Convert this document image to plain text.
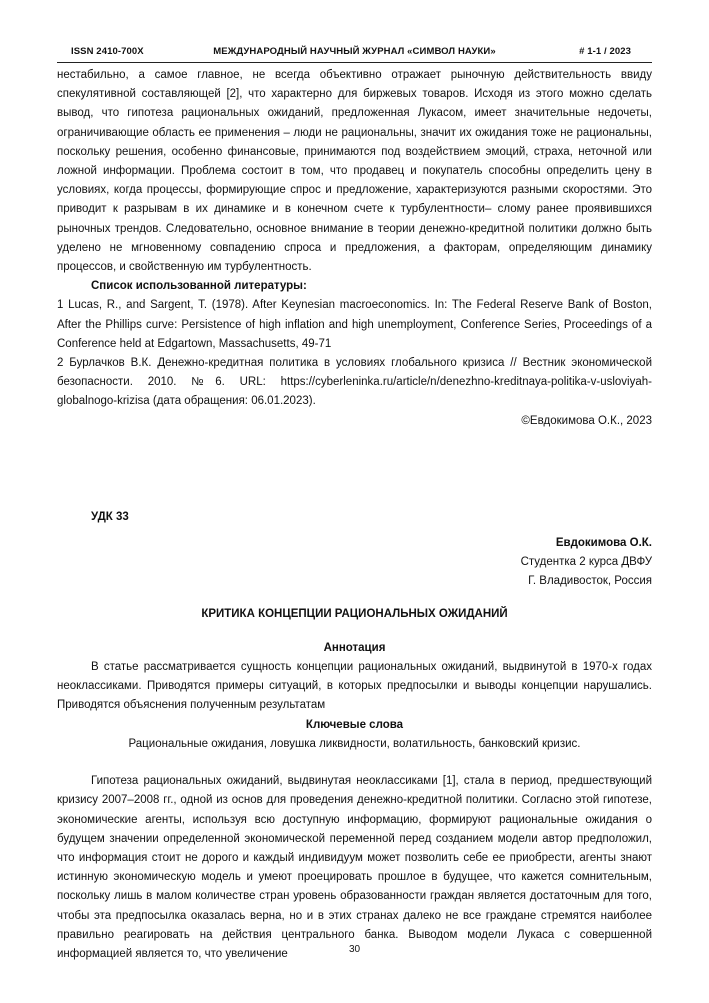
МЕЖДУНАРОДНЫЙ НАУЧНЫЙ ЖУРНАЛ «СИМВОЛ НАУКИ»
ISSN 2410-700X	# 1-1 / 2023

нестабильно, а самое главное, не всегда объективно отражает рыночную действительность ввиду спекулятивной составляющей [2], что характерно для биржевых товаров. Исходя из этого можно сделать вывод, что гипотеза рациональных ожиданий, предложенная Лукасом, имеет значительные недочеты, ограничивающие область ее применения – люди не рациональны, значит их ожидания тоже не рациональны, поскольку решения, особенно финансовые, принимаются под воздействием эмоций, страха, неточной или ложной информации. Проблема состоит в том, что продавец и покупатель способны определить цену в условиях, когда процессы, формирующие спрос и предложение, характеризуются разными скоростями. Это приводит к разрывам в их динамике и в конечном счете к турбулентности– слому ранее проявившихся рыночных трендов. Следовательно, основное внимание в теории денежно-кредитной политики должно быть уделено не мгновенному совпадению спроса и предложения, а факторам, определяющим динамику процессов, и свойственную им турбулентность.

Список использованной литературы:

1 Lucas, R., and Sargent, T. (1978). After Keynesian macroeconomics. In: The Federal Reserve Bank of Boston, After the Phillips curve: Persistence of high inflation and high unemployment, Conference Series, Proceedings of a Conference held at Edgartown, Massachusetts, 49-71

2 Бурлачков В.К. Денежно-кредитная политика в условиях глобального кризиса // Вестник экономической безопасности. 2010. №6. URL: https://cyberleninka.ru/article/n/denezhno-kreditnaya-politika-v-usloviyah-globalnogo-krizisa (дата обращения: 06.01.2023).

©Евдокимова О.К., 2023

УДК 33

Евдокимова О.К.

Студентка 2 курса ДВФУ

Г. Владивосток, Россия

КРИТИКА КОНЦЕПЦИИ РАЦИОНАЛЬНЫХ ОЖИДАНИЙ

Аннотация

В статье рассматривается сущность концепции рациональных ожиданий, выдвинутой в 1970-х годах неоклассиками. Приводятся примеры ситуаций, в которых предпосылки и выводы концепции нарушались. Приводятся объяснения полученным результатам

Ключевые слова

Рациональные ожидания, ловушка ликвидности, волатильность, банковский кризис.

Гипотеза рациональных ожиданий, выдвинутая неоклассиками [1], стала в период, предшествующий кризису 2007–2008 гг., одной из основ для проведения денежно-кредитной политики. Согласно этой гипотезе, экономические агенты, используя всю доступную информацию, формируют рациональные ожидания о будущем значении определенной экономической переменной перед созданием модели автор предположил, что информация стоит не дорого и каждый индивидуум может позволить себе ее приобрести, агенты знают истинную экономическую модель и умеют проецировать прошлое в будущее, что кажется сомнительным, поскольку лишь в малом количестве стран уровень образованности граждан является достаточным для того, чтобы эта предпосылка оказалась верна, но и в этих странах далеко не все граждане стремятся наиболее правильно реагировать на действия центрального банка. Выводом модели Лукаса с совершенной информацией является то, что увеличение	30
